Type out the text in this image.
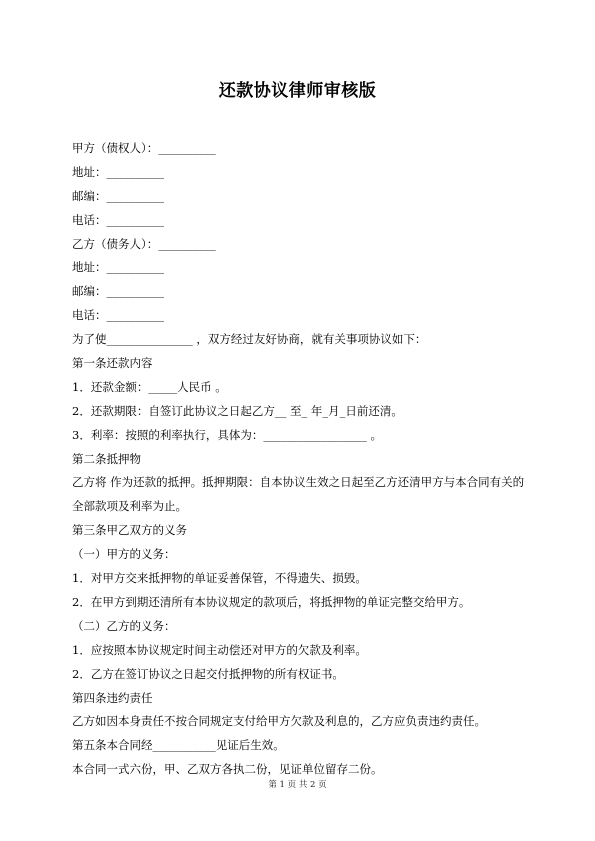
还款协议律师审核版
甲方（债权人）：__________
地址：__________
邮编：__________
电话：__________
乙方（债务人）：__________
地址：__________
邮编：__________
电话：__________
为了使_______________ ，双方经过友好协商，就有关事项协议如下：
第一条还款内容
1．还款金额：_____人民币 。
2．还款期限：自签订此协议之日起乙方__ 至_ 年_月_日前还清。
3．利率：按照的利率执行，具体为：__________________ 。
第二条抵押物
乙方将 作为还款的抵押。抵押期限：自本协议生效之日起至乙方还清甲方与本合同有关的全部款项及利率为止。
第三条甲乙双方的义务
（一）甲方的义务：
1．对甲方交来抵押物的单证妥善保管，不得遗失、损毁。
2．在甲方到期还清所有本协议规定的款项后，将抵押物的单证完整交给甲方。
（二）乙方的义务：
1．应按照本协议规定时间主动偿还对甲方的欠款及利率。
2．乙方在签订协议之日起交付抵押物的所有权证书。
第四条违约责任
乙方如因本身责任不按合同规定支付给甲方欠款及利息的，乙方应负责违约责任。
第五条本合同经___________见证后生效。
本合同一式六份，甲、乙双方各执二份，见证单位留存二份。
第 1 页 共 2 页
